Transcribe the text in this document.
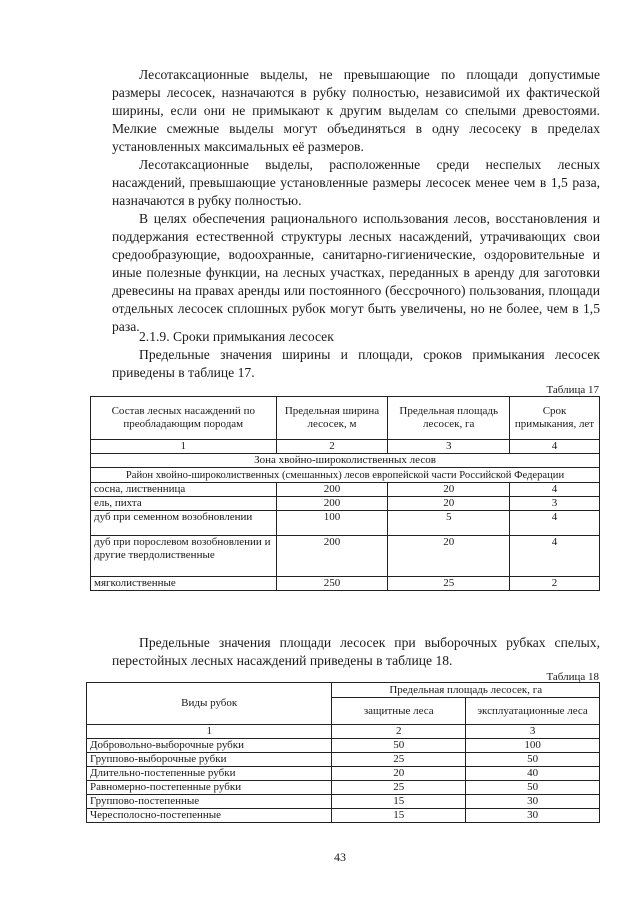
Лесотаксационные выделы, не превышающие по площади допустимые размеры лесосек, назначаются в рубку полностью, независимой их фактической ширины, если они не примыкают к другим выделам со спелыми древостоями. Мелкие смежные выделы могут объединяться в одну лесосеку в пределах установленных максимальных её размеров.

Лесотаксационные выделы, расположенные среди неспелых лесных насаждений, превышающие установленные размеры лесосек менее чем в 1,5 раза, назначаются в рубку полностью.

В целях обеспечения рационального использования лесов, восстановления и поддержания естественной структуры лесных насаждений, утрачивающих свои средообразующие, водоохранные, санитарно-гигиенические, оздоровительные и иные полезные функции, на лесных участках, переданных в аренду для заготовки древесины на правах аренды или постоянного (бессрочного) пользования, площади отдельных лесосек сплошных рубок могут быть увеличены, но не более, чем в 1,5 раза.

2.1.9. Сроки примыкания лесосек

Предельные значения ширины и площади, сроков примыкания лесосек приведены в таблице 17.

Таблица 17
Состав лесных насаждений по преобладающим породам	Предельная ширина лесосек, м	Предельная площадь лесосек, га	Срок примыкания, лет
1	2	3	4
Зона хвойно-широколиственных лесов			
Район хвойно-широколиственных (смешанных) лесов европейской части Российской Федерации			
сосна, лиственница	200	20	4
ель, пихта	200	20	3
дуб при семенном возобновлении	100	5	4
дуб при порослевом возобновлении и другие твердолиственные	200	20	4
мягколиственные	250	25	2

Предельные значения площади лесосек при выборочных рубках спелых, перестойных лесных насаждений приведены в таблице 18.

Таблица 18
Виды рубок	Предельная площадь лесосек, га	
	защитные леса	эксплуатационные леса
1	2	3
Добровольно-выборочные рубки	50	100
Группово-выборочные рубки	25	50
Длительно-постепенные рубки	20	40
Равномерно-постепенные рубки	25	50
Группово-постепенные	15	30
Чересполосно-постепенные	15	30
43
